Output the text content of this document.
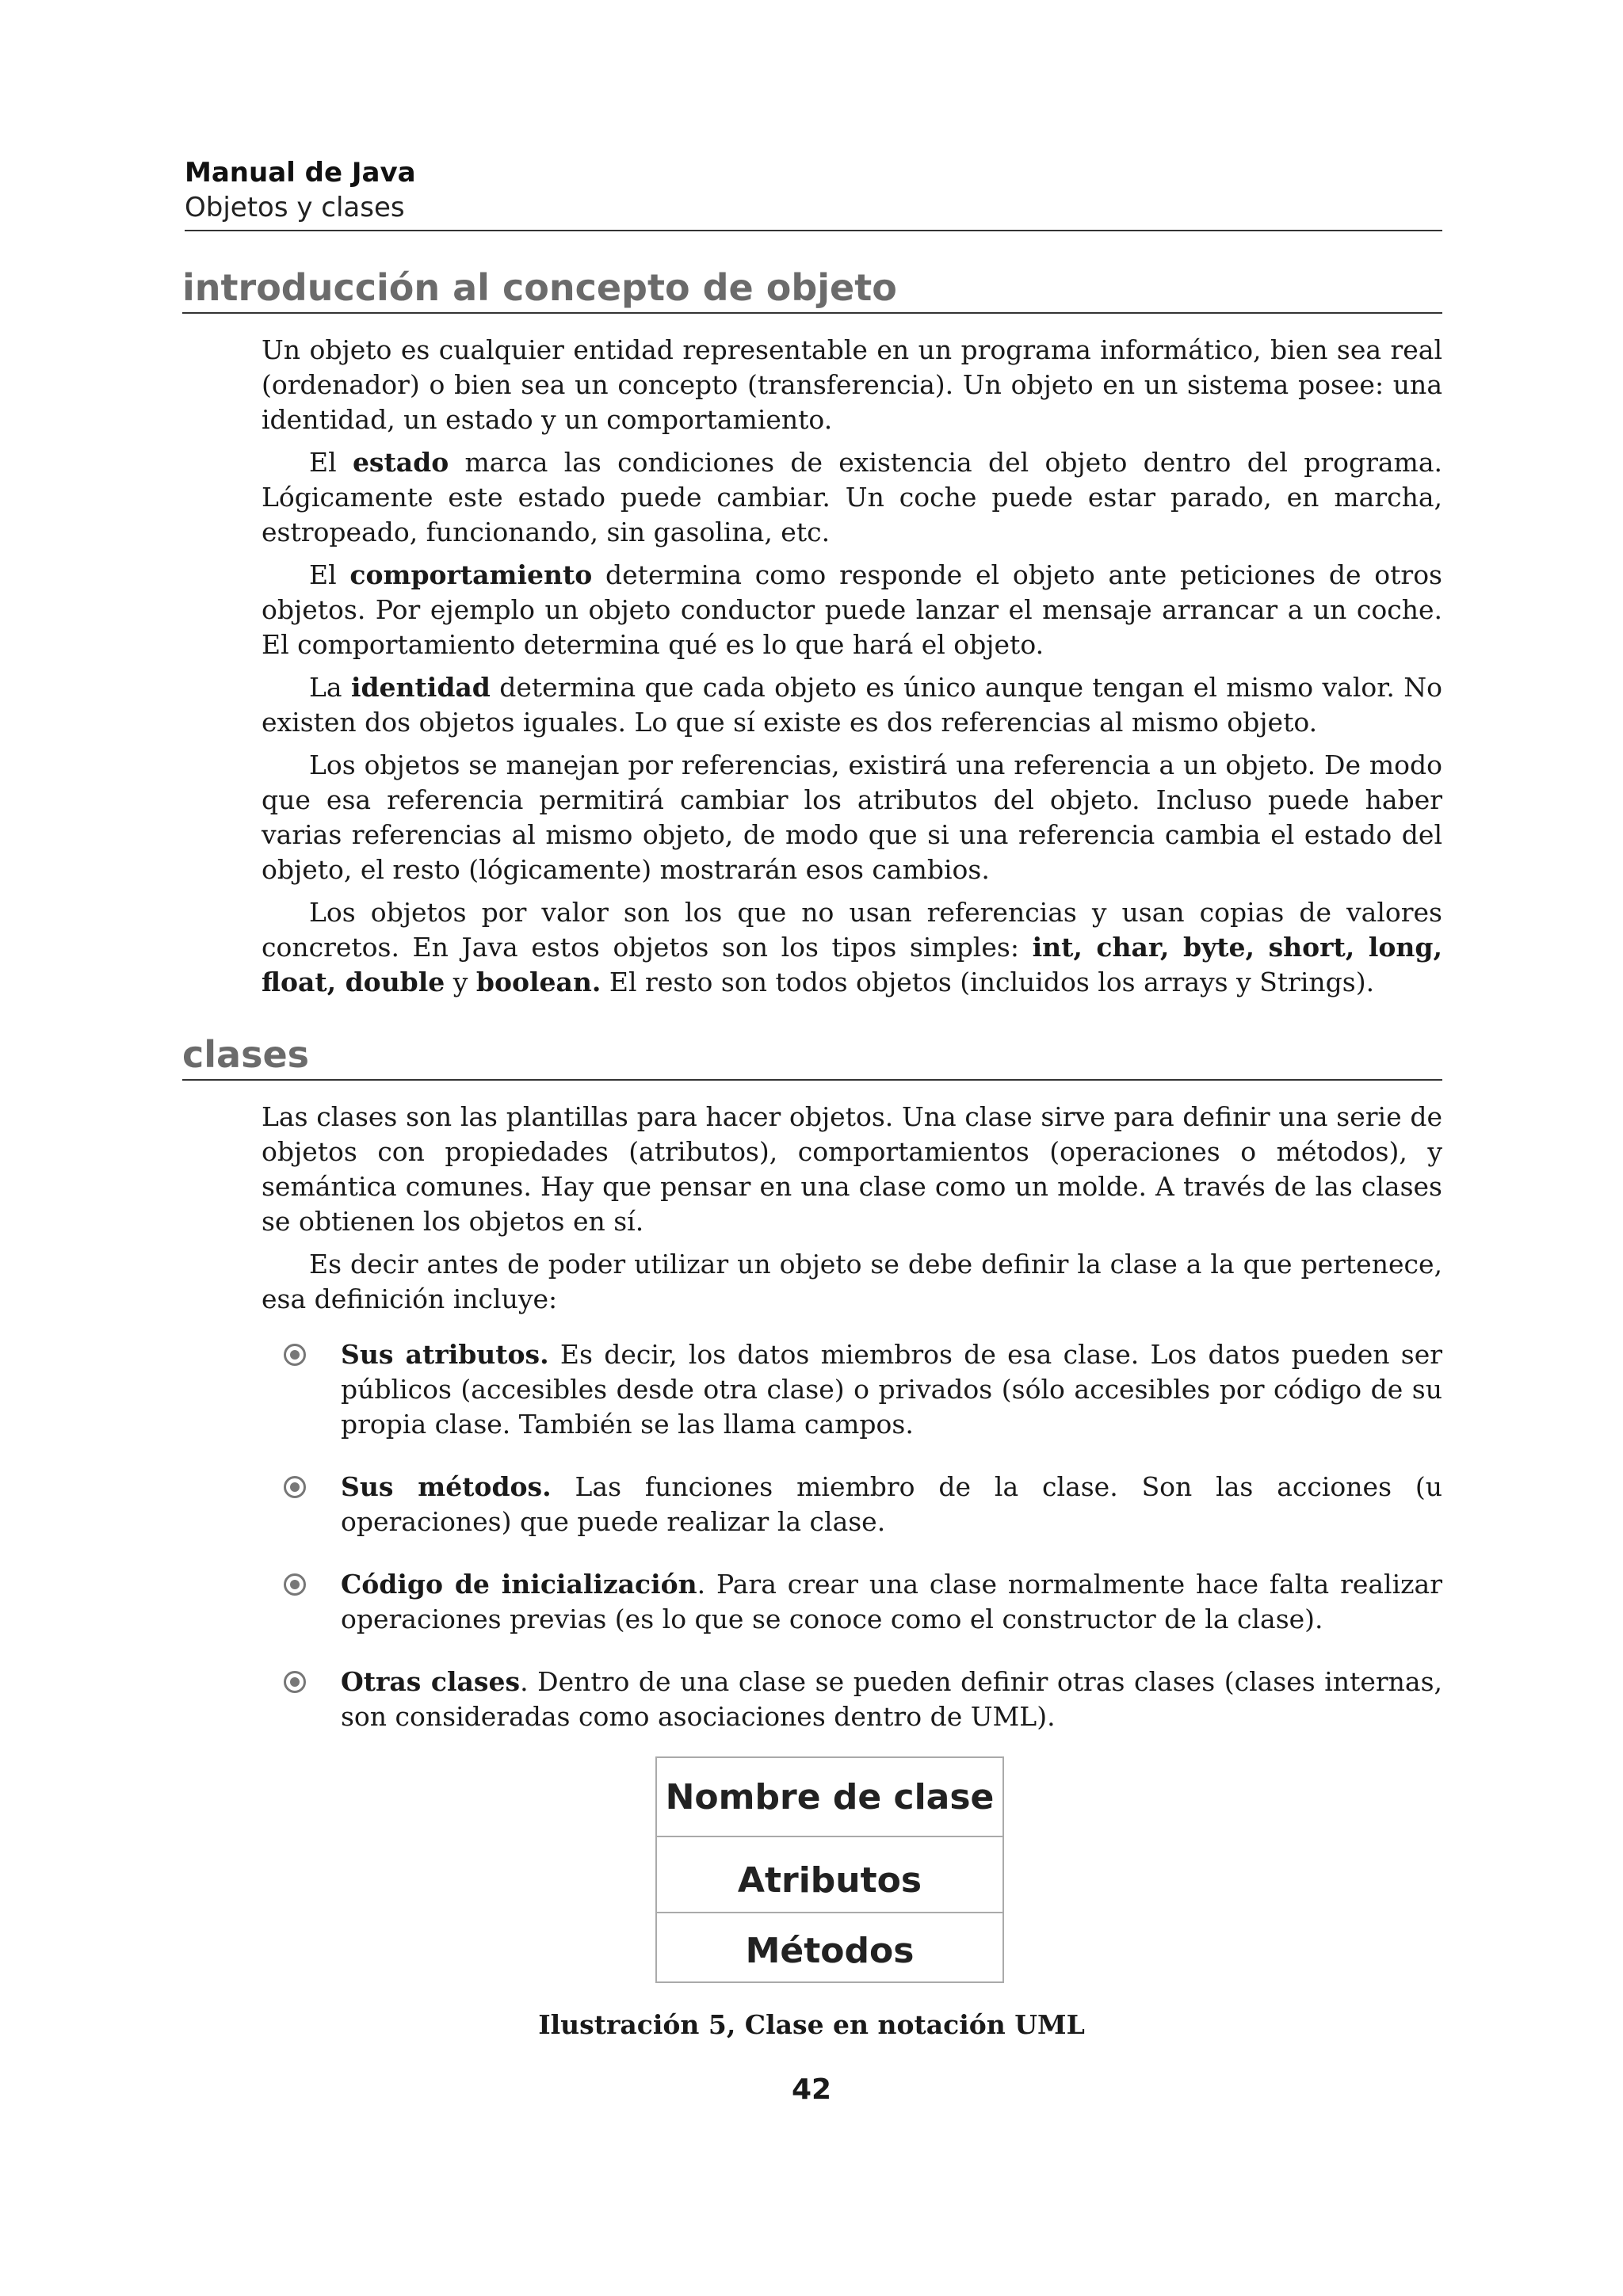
Manual de Java
Objetos y clases
introducción al concepto de objeto

Un objeto es cualquier entidad representable en un programa informático, bien sea real (ordenador) o bien sea un concepto (transferencia). Un objeto en un sistema posee: una identidad, un estado y un comportamiento.

El estado marca las condiciones de existencia del objeto dentro del programa. Lógicamente este estado puede cambiar. Un coche puede estar parado, en marcha, estropeado, funcionando, sin gasolina, etc.

El comportamiento determina como responde el objeto ante peticiones de otros objetos. Por ejemplo un objeto conductor puede lanzar el mensaje arrancar a un coche. El comportamiento determina qué es lo que hará el objeto.

La identidad determina que cada objeto es único aunque tengan el mismo valor. No existen dos objetos iguales. Lo que sí existe es dos referencias al mismo objeto.

Los objetos se manejan por referencias, existirá una referencia a un objeto. De modo que esa referencia permitirá cambiar los atributos del objeto. Incluso puede haber varias referencias al mismo objeto, de modo que si una referencia cambia el estado del objeto, el resto (lógicamente) mostrarán esos cambios.

Los objetos por valor son los que no usan referencias y usan copias de valores concretos. En Java estos objetos son los tipos simples: int, char, byte, short, long, float, double y boolean. El resto son todos objetos (incluidos los arrays y Strings).

clases

Las clases son las plantillas para hacer objetos. Una clase sirve para definir una serie de objetos con propiedades (atributos), comportamientos (operaciones o métodos), y semántica comunes. Hay que pensar en una clase como un molde. A través de las clases se obtienen los objetos en sí.

Es decir antes de poder utilizar un objeto se debe definir la clase a la que pertenece, esa definición incluye:

Sus atributos. Es decir, los datos miembros de esa clase. Los datos pueden ser públicos (accesibles desde otra clase) o privados (sólo accesibles por código de su propia clase. También se las llama campos.
Sus métodos. Las funciones miembro de la clase. Son las acciones (u operaciones) que puede realizar la clase.
Código de inicialización. Para crear una clase normalmente hace falta realizar operaciones previas (es lo que se conoce como el constructor de la clase).
Otras clases. Dentro de una clase se pueden definir otras clases (clases internas, son consideradas como asociaciones dentro de UML).
Nombre de clase
Atributos
Métodos
Ilustración 5, Clase en notación UML
42
